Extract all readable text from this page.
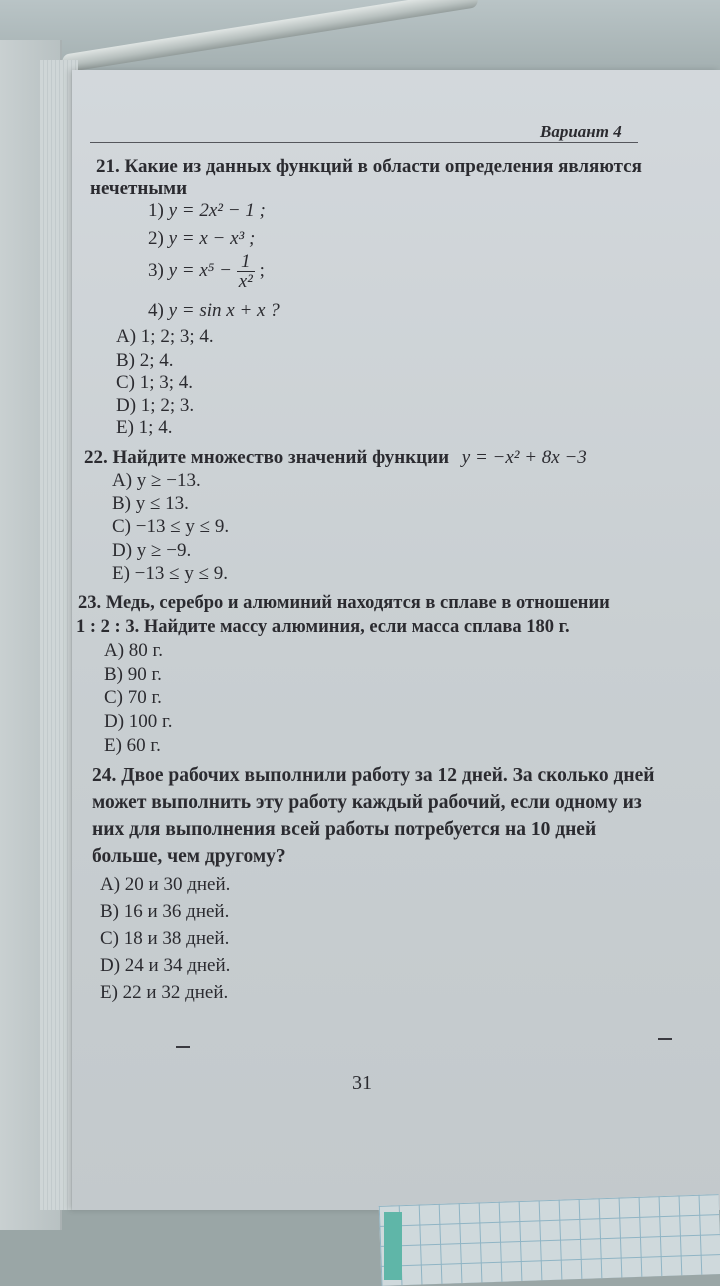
Вариант 4
21. Какие из данных функций в области определения являются
нечетными
1) y = 2x² − 1 ;
2) y = x − x³ ;
3) $y = x^5 - \frac{1}{\text{x²}}$ ;
4) y = sin x + x ?
A) 1; 2; 3; 4.
B) 2; 4.
C) 1; 3; 4.
D) 1; 2; 3.
E) 1; 4.
22. Найдите множество значений функции y = −x² + 8x −3
A) y ≥ −13.
B) y ≤ 13.
C) −13 ≤ y ≤ 9.
D) y ≥ −9.
E) −13 ≤ y ≤ 9.
23. Медь, серебро и алюминий находятся в сплаве в отношении
1 : 2 : 3. Найдите массу алюминия, если масса сплава 180 г.
A) 80 г.
B) 90 г.
C) 70 г.
D) 100 г.
E) 60 г.
24. Двое рабочих выполнили работу за 12 дней. За сколько дней
может выполнить эту работу каждый рабочий, если одному из
них для выполнения всей работы потребуется на 10 дней
больше, чем другому?
A) 20 и 30 дней.
B) 16 и 36 дней.
C) 18 и 38 дней.
D) 24 и 34 дней.
E) 22 и 32 дней.
31
